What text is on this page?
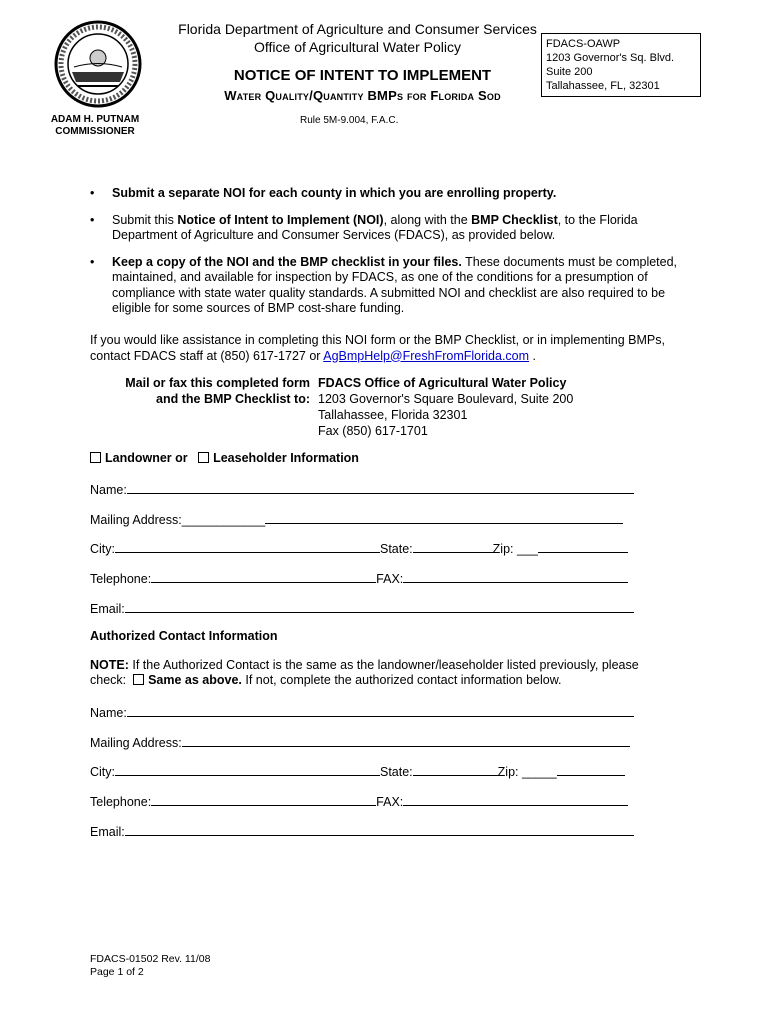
Florida Department of Agriculture and Consumer Services
Office of Agricultural Water Policy
NOTICE OF INTENT TO IMPLEMENT
Water Quality/Quantity BMPs for Florida Sod
Rule 5M-9.004, F.A.C.
ADAM H. PUTNAM
COMMISSIONER
FDACS-OAWP
1203 Governor's Sq. Blvd.
Suite 200
Tallahassee, FL, 32301
• Submit a separate NOI for each county in which you are enrolling property.
• Submit this Notice of Intent to Implement (NOI), along with the BMP Checklist, to the Florida Department of Agriculture and Consumer Services (FDACS), as provided below.
• Keep a copy of the NOI and the BMP checklist in your files. These documents must be completed, maintained, and available for inspection by FDACS, as one of the conditions for a presumption of compliance with state water quality standards. A submitted NOI and checklist are also required to be eligible for some sources of BMP cost-share funding.
If you would like assistance in completing this NOI form or the BMP Checklist, or in implementing BMPs, contact FDACS staff at (850) 617-1727 or AgBmpHelp@FreshFromFlorida.com .
Mail or fax this completed form
and the BMP Checklist to:
FDACS Office of Agricultural Water Policy
1203 Governor's Square Boulevard, Suite 200
Tallahassee, Florida 32301
Fax (850) 617-1701
Landowner or Leaseholder Information
Name:
Mailing Address:____________
City:	State:	Zip: ___
Telephone:	FAX:
Email:
Authorized Contact Information
NOTE: If the Authorized Contact is the same as the landowner/leaseholder listed previously, please
check: Same as above. If not, complete the authorized contact information below.
Name:
Mailing Address:
City:	State:	Zip: _____
Telephone:	FAX:
Email:
FDACS-01502 Rev. 11/08
Page 1 of 2
